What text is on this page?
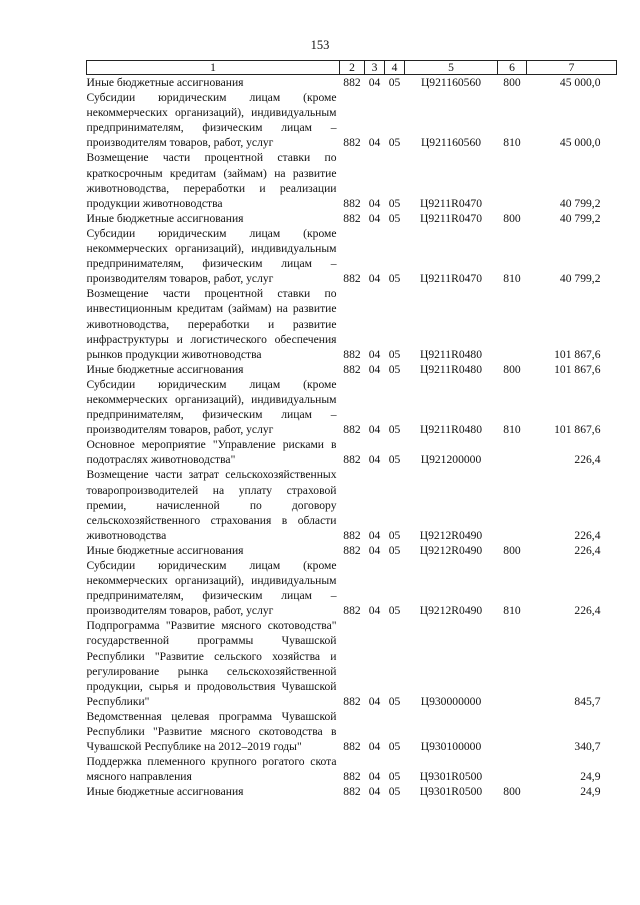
153
1	2	3	4	5	6	7
Иные бюджетные ассигнования	882	04	05	Ц921160560	800	45 000,0
Субсидии юридическим лицам (кроме некоммерческих организаций), индивидуальным предпринимателям, физическим лицам – производителям товаров, работ, услуг	882	04	05	Ц921160560	810	45 000,0
Возмещение части процентной ставки по краткосрочным кредитам (займам) на развитие животноводства, переработки и реализации продукции животноводства	882	04	05	Ц9211R0470		40 799,2
Иные бюджетные ассигнования	882	04	05	Ц9211R0470	800	40 799,2
Субсидии юридическим лицам (кроме некоммерческих организаций), индивидуальным предпринимателям, физическим лицам – производителям товаров, работ, услуг	882	04	05	Ц9211R0470	810	40 799,2
Возмещение части процентной ставки по инвестиционным кредитам (займам) на развитие животноводства, переработки и развитие инфраструктуры и логистического обеспечения рынков продукции животноводства	882	04	05	Ц9211R0480		101 867,6
Иные бюджетные ассигнования	882	04	05	Ц9211R0480	800	101 867,6
Субсидии юридическим лицам (кроме некоммерческих организаций), индивидуальным предпринимателям, физическим лицам – производителям товаров, работ, услуг	882	04	05	Ц9211R0480	810	101 867,6
Основное мероприятие "Управление рисками в подотраслях животноводства"	882	04	05	Ц921200000		226,4
Возмещение части затрат сельскохозяйственных товаропроизводителей на уплату страховой премии, начисленной по договору сельскохозяйственного страхования в области животноводства	882	04	05	Ц9212R0490		226,4
Иные бюджетные ассигнования	882	04	05	Ц9212R0490	800	226,4
Субсидии юридическим лицам (кроме некоммерческих организаций), индивидуальным предпринимателям, физическим лицам – производителям товаров, работ, услуг	882	04	05	Ц9212R0490	810	226,4
Подпрограмма "Развитие мясного скотоводства" государственной программы Чувашской Республики "Развитие сельского хозяйства и регулирование рынка сельскохозяйственной продукции, сырья и продовольствия Чувашской Республики"	882	04	05	Ц930000000		845,7
Ведомственная целевая программа Чувашской Республики "Развитие мясного скотоводства в Чувашской Республике на 2012–2019 годы"	882	04	05	Ц930100000		340,7
Поддержка племенного крупного рогатого скота мясного направления	882	04	05	Ц9301R0500		24,9
Иные бюджетные ассигнования	882	04	05	Ц9301R0500	800	24,9
